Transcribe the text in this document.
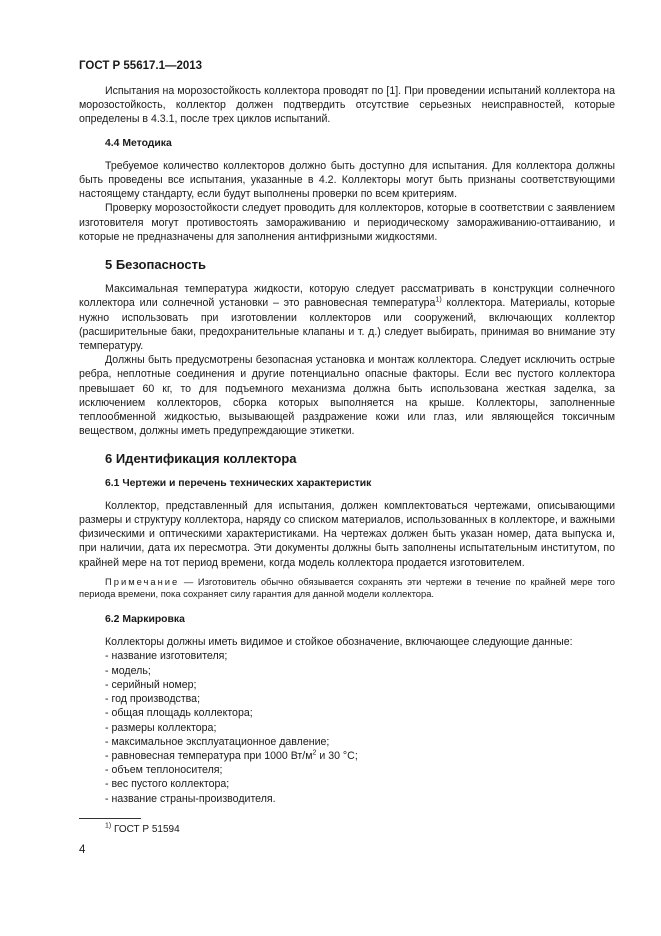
ГОСТ Р 55617.1—2013

Испытания на морозостойкость коллектора проводят по [1]. При проведении испытаний коллектора на морозостойкость, коллектор должен подтвердить отсутствие серьезных неисправностей, которые определены в 4.3.1, после трех циклов испытаний.

4.4 Методика

Требуемое количество коллекторов должно быть доступно для испытания. Для коллектора должны быть проведены все испытания, указанные в 4.2. Коллекторы могут быть признаны соответствующими настоящему стандарту, если будут выполнены проверки по всем критериям.

Проверку морозостойкости следует проводить для коллекторов, которые в соответствии с заявлением изготовителя могут противостоять замораживанию и периодическому замораживанию-оттаиванию, и которые не предназначены для заполнения антифризными жидкостями.

5 Безопасность

Максимальная температура жидкости, которую следует рассматривать в конструкции солнечного коллектора или солнечной установки – это равновесная температура$^{1)}$ коллектора. Материалы, которые нужно использовать при изготовлении коллекторов или сооружений, включающих коллектор (расширительные баки, предохранительные клапаны и т. д.) следует выбирать, принимая во внимание эту температуру.

Должны быть предусмотрены безопасная установка и монтаж коллектора. Следует исключить острые ребра, неплотные соединения и другие потенциально опасные факторы. Если вес пустого коллектора превышает 60 кг, то для подъемного механизма должна быть использована жесткая заделка, за исключением коллекторов, сборка которых выполняется на крыше. Коллекторы, заполненные теплообменной жидкостью, вызывающей раздражение кожи или глаз, или являющейся токсичным веществом, должны иметь предупреждающие этикетки.

6 Идентификация коллектора

6.1 Чертежи и перечень технических характеристик

Коллектор, представленный для испытания, должен комплектоваться чертежами, описывающими размеры и структуру коллектора, наряду со списком материалов, использованных в коллекторе, и важными физическими и оптическими характеристиками. На чертежах должен быть указан номер, дата выпуска и, при наличии, дата их пересмотра. Эти документы должны быть заполнены испытательным институтом, по крайней мере на тот период времени, когда модель коллектора продается изготовителем.

Примечание — Изготовитель обычно обязывается сохранять эти чертежи в течение по крайней мере того периода времени, пока сохраняет силу гарантия для данной модели коллектора.

6.2 Маркировка

Коллекторы должны иметь видимое и стойкое обозначение, включающее следующие данные:

- название изготовителя;
- модель;
- серийный номер;
- год производства;
- общая площадь коллектора;
- размеры коллектора;
- максимальное эксплуатационное давление;
- равновесная температура при 1000 $Вт/м^2$ и 30 °С;
- объем теплоносителя;
- вес пустого коллектора;
- название страны-производителя.
$^{1)}$ ГОСТ Р 51594
4
